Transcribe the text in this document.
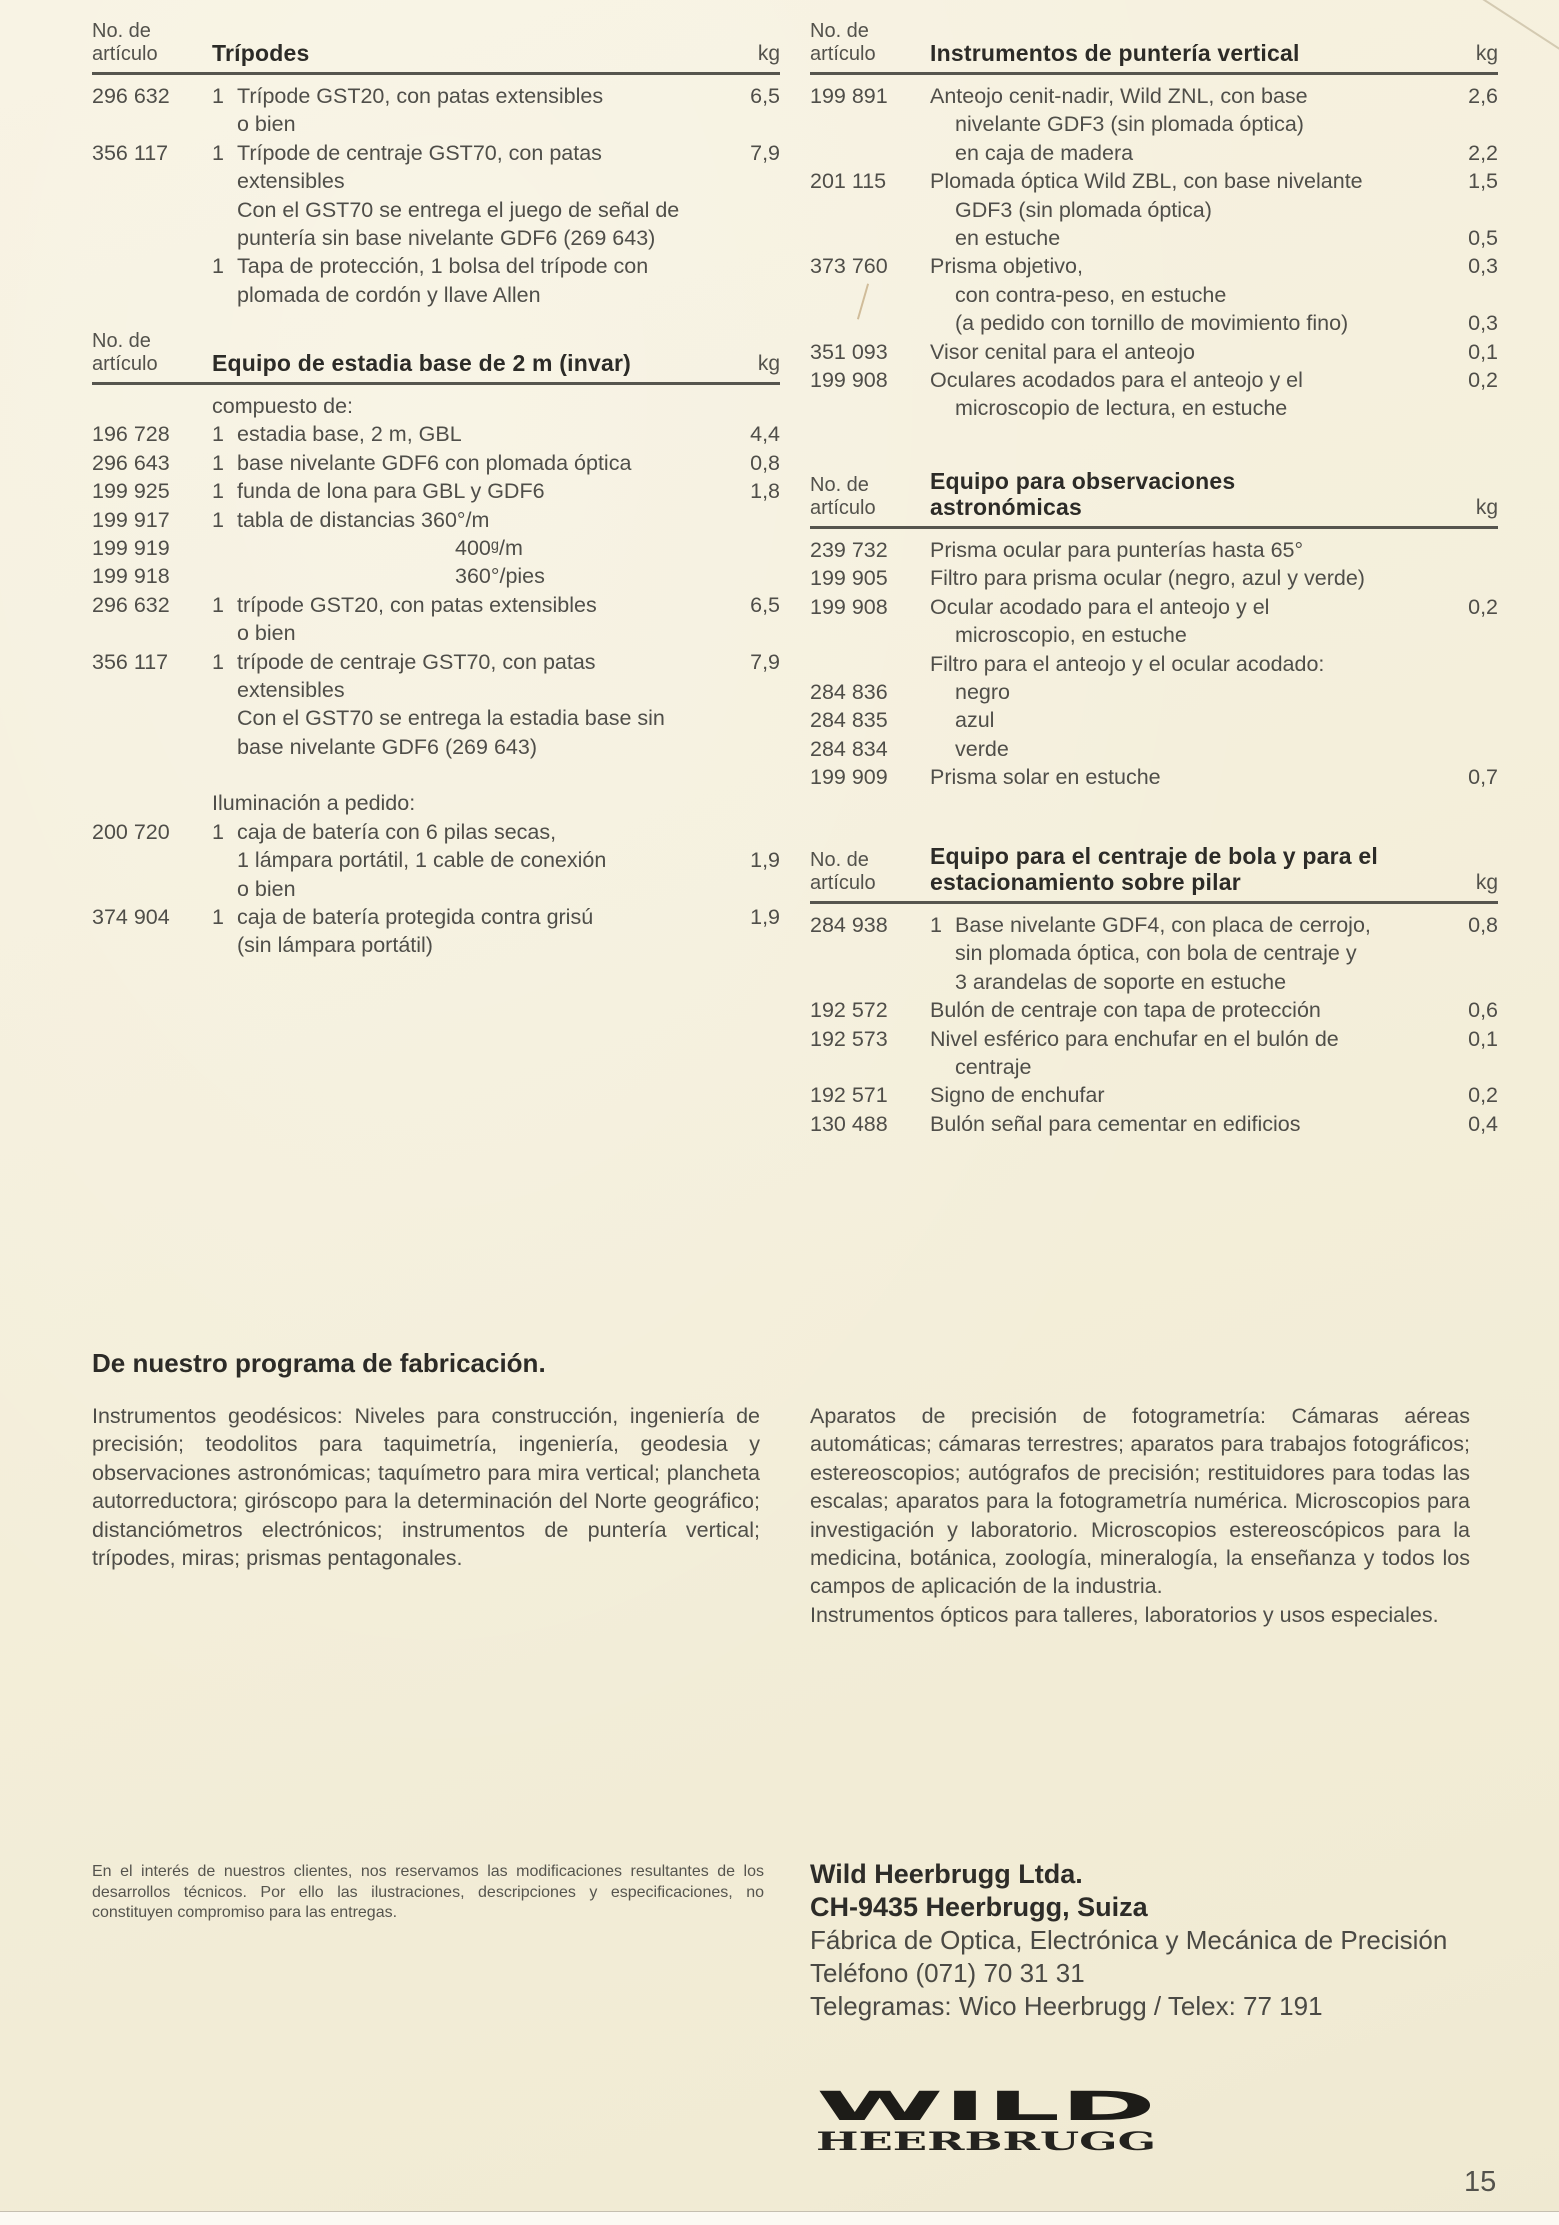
No. de
artículo	Trípodes	kg
296 632	1 Trípode GST20, con patas extensibles	6,5
o bien
356 117	1 Trípode de centraje GST70, con patas	7,9
extensibles
Con el GST70 se entrega el juego de señal de
puntería sin base nivelante GDF6 (269 643)
1 Tapa de protección, 1 bolsa del trípode con
plomada de cordón y llave Allen
No. de
artículo	Equipo de estadia base de 2 m (invar)	kg
compuesto de:
196 728	1 estadia base, 2 m, GBL	4,4
296 643	1 base nivelante GDF6 con plomada óptica	0,8
199 925	1 funda de lona para GBL y GDF6	1,8
199 917	1 tabla de distancias 360°/m
199 919	400ᵍ/m
199 918	360°/pies
296 632	1 trípode GST20, con patas extensibles	6,5
o bien
356 117	1 trípode de centraje GST70, con patas	7,9
extensibles
Con el GST70 se entrega la estadia base sin
base nivelante GDF6 (269 643)
Iluminación a pedido:
200 720	1 caja de batería con 6 pilas secas,
1 lámpara portátil, 1 cable de conexión	1,9
o bien
374 904	1 caja de batería protegida contra grisú	1,9
(sin lámpara portátil)
No. de
artículo	Instrumentos de puntería vertical	kg
199 891	Anteojo cenit-nadir, Wild ZNL, con base	2,6
nivelante GDF3 (sin plomada óptica)
en caja de madera	2,2
201 115	Plomada óptica Wild ZBL, con base nivelante	1,5
GDF3 (sin plomada óptica)
en estuche	0,5
373 760	Prisma objetivo,	0,3
con contra-peso, en estuche
(a pedido con tornillo de movimiento fino)	0,3
351 093	Visor cenital para el anteojo	0,1
199 908	Oculares acodados para el anteojo y el	0,2
microscopio de lectura, en estuche
No. de
artículo
Equipo para observaciones
astronómicas	kg
239 732	Prisma ocular para punterías hasta 65°
199 905	Filtro para prisma ocular (negro, azul y verde)
199 908	Ocular acodado para el anteojo y el	0,2
microscopio, en estuche
Filtro para el anteojo y el ocular acodado:
284 836	negro
284 835	azul
284 834	verde
199 909	Prisma solar en estuche	0,7
No. de
artículo
Equipo para el centraje de bola y para el
estacionamiento sobre pilar	kg
284 938	1 Base nivelante GDF4, con placa de cerrojo,	0,8
sin plomada óptica, con bola de centraje y
3 arandelas de soporte en estuche
192 572	Bulón de centraje con tapa de protección	0,6
192 573	Nivel esférico para enchufar en el bulón de	0,1
centraje
192 571	Signo de enchufar	0,2
130 488	Bulón señal para cementar en edificios	0,4
De nuestro programa de fabricación.

Instrumentos geodésicos: Niveles para construcción, ingeniería de precisión; teodolitos para taquimetría, ingeniería, geodesia y observaciones astronómicas; taquímetro para mira vertical; plancheta autorreductora; giróscopo para la determinación del Norte geográfico; distanciómetros electrónicos; instrumentos de puntería vertical; trípodes, miras; prismas pentagonales.

Aparatos de precisión de fotogrametría: Cámaras aéreas automáticas; cámaras terrestres; aparatos para trabajos fotográficos; estereoscopios; autógrafos de precisión; restituidores para todas las escalas; aparatos para la fotogrametría numérica. Microscopios para investigación y laboratorio. Microscopios estereoscópicos para la medicina, botánica, zoología, mineralogía, la enseñanza y todos los campos de aplicación de la industria.

Instrumentos ópticos para talleres, laboratorios y usos especiales.

En el interés de nuestros clientes, nos reservamos las modificaciones resultantes de los desarrollos técnicos. Por ello las ilustraciones, descripciones y especificaciones, no constituyen compromiso para las entregas.
Wild Heerbrugg Ltda.
CH-9435 Heerbrugg, Suiza
Fábrica de Optica, Electrónica y Mecánica de Precisión
Teléfono (071) 70 31 31
Telegramas: Wico Heerbrugg / Telex: 77 191
WILD
HEERBRUGG
15
